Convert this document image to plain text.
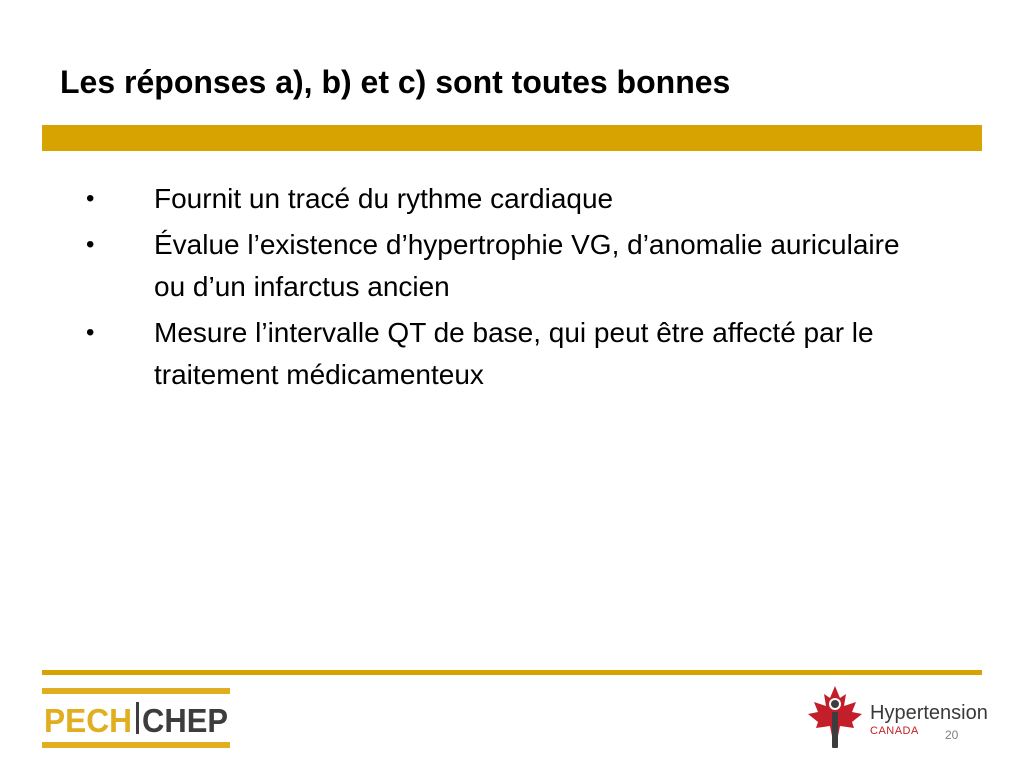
Les réponses a), b) et c) sont toutes bonnes
• Fournit un tracé du rythme cardiaque
• Évalue l’existence d’hypertrophie VG, d’anomalie auriculaire ou d’un infarctus ancien
• Mesure l’intervalle QT de base, qui peut être affecté par le traitement médicamenteux
PECH CHEP	Hypertension
CANADA 20
